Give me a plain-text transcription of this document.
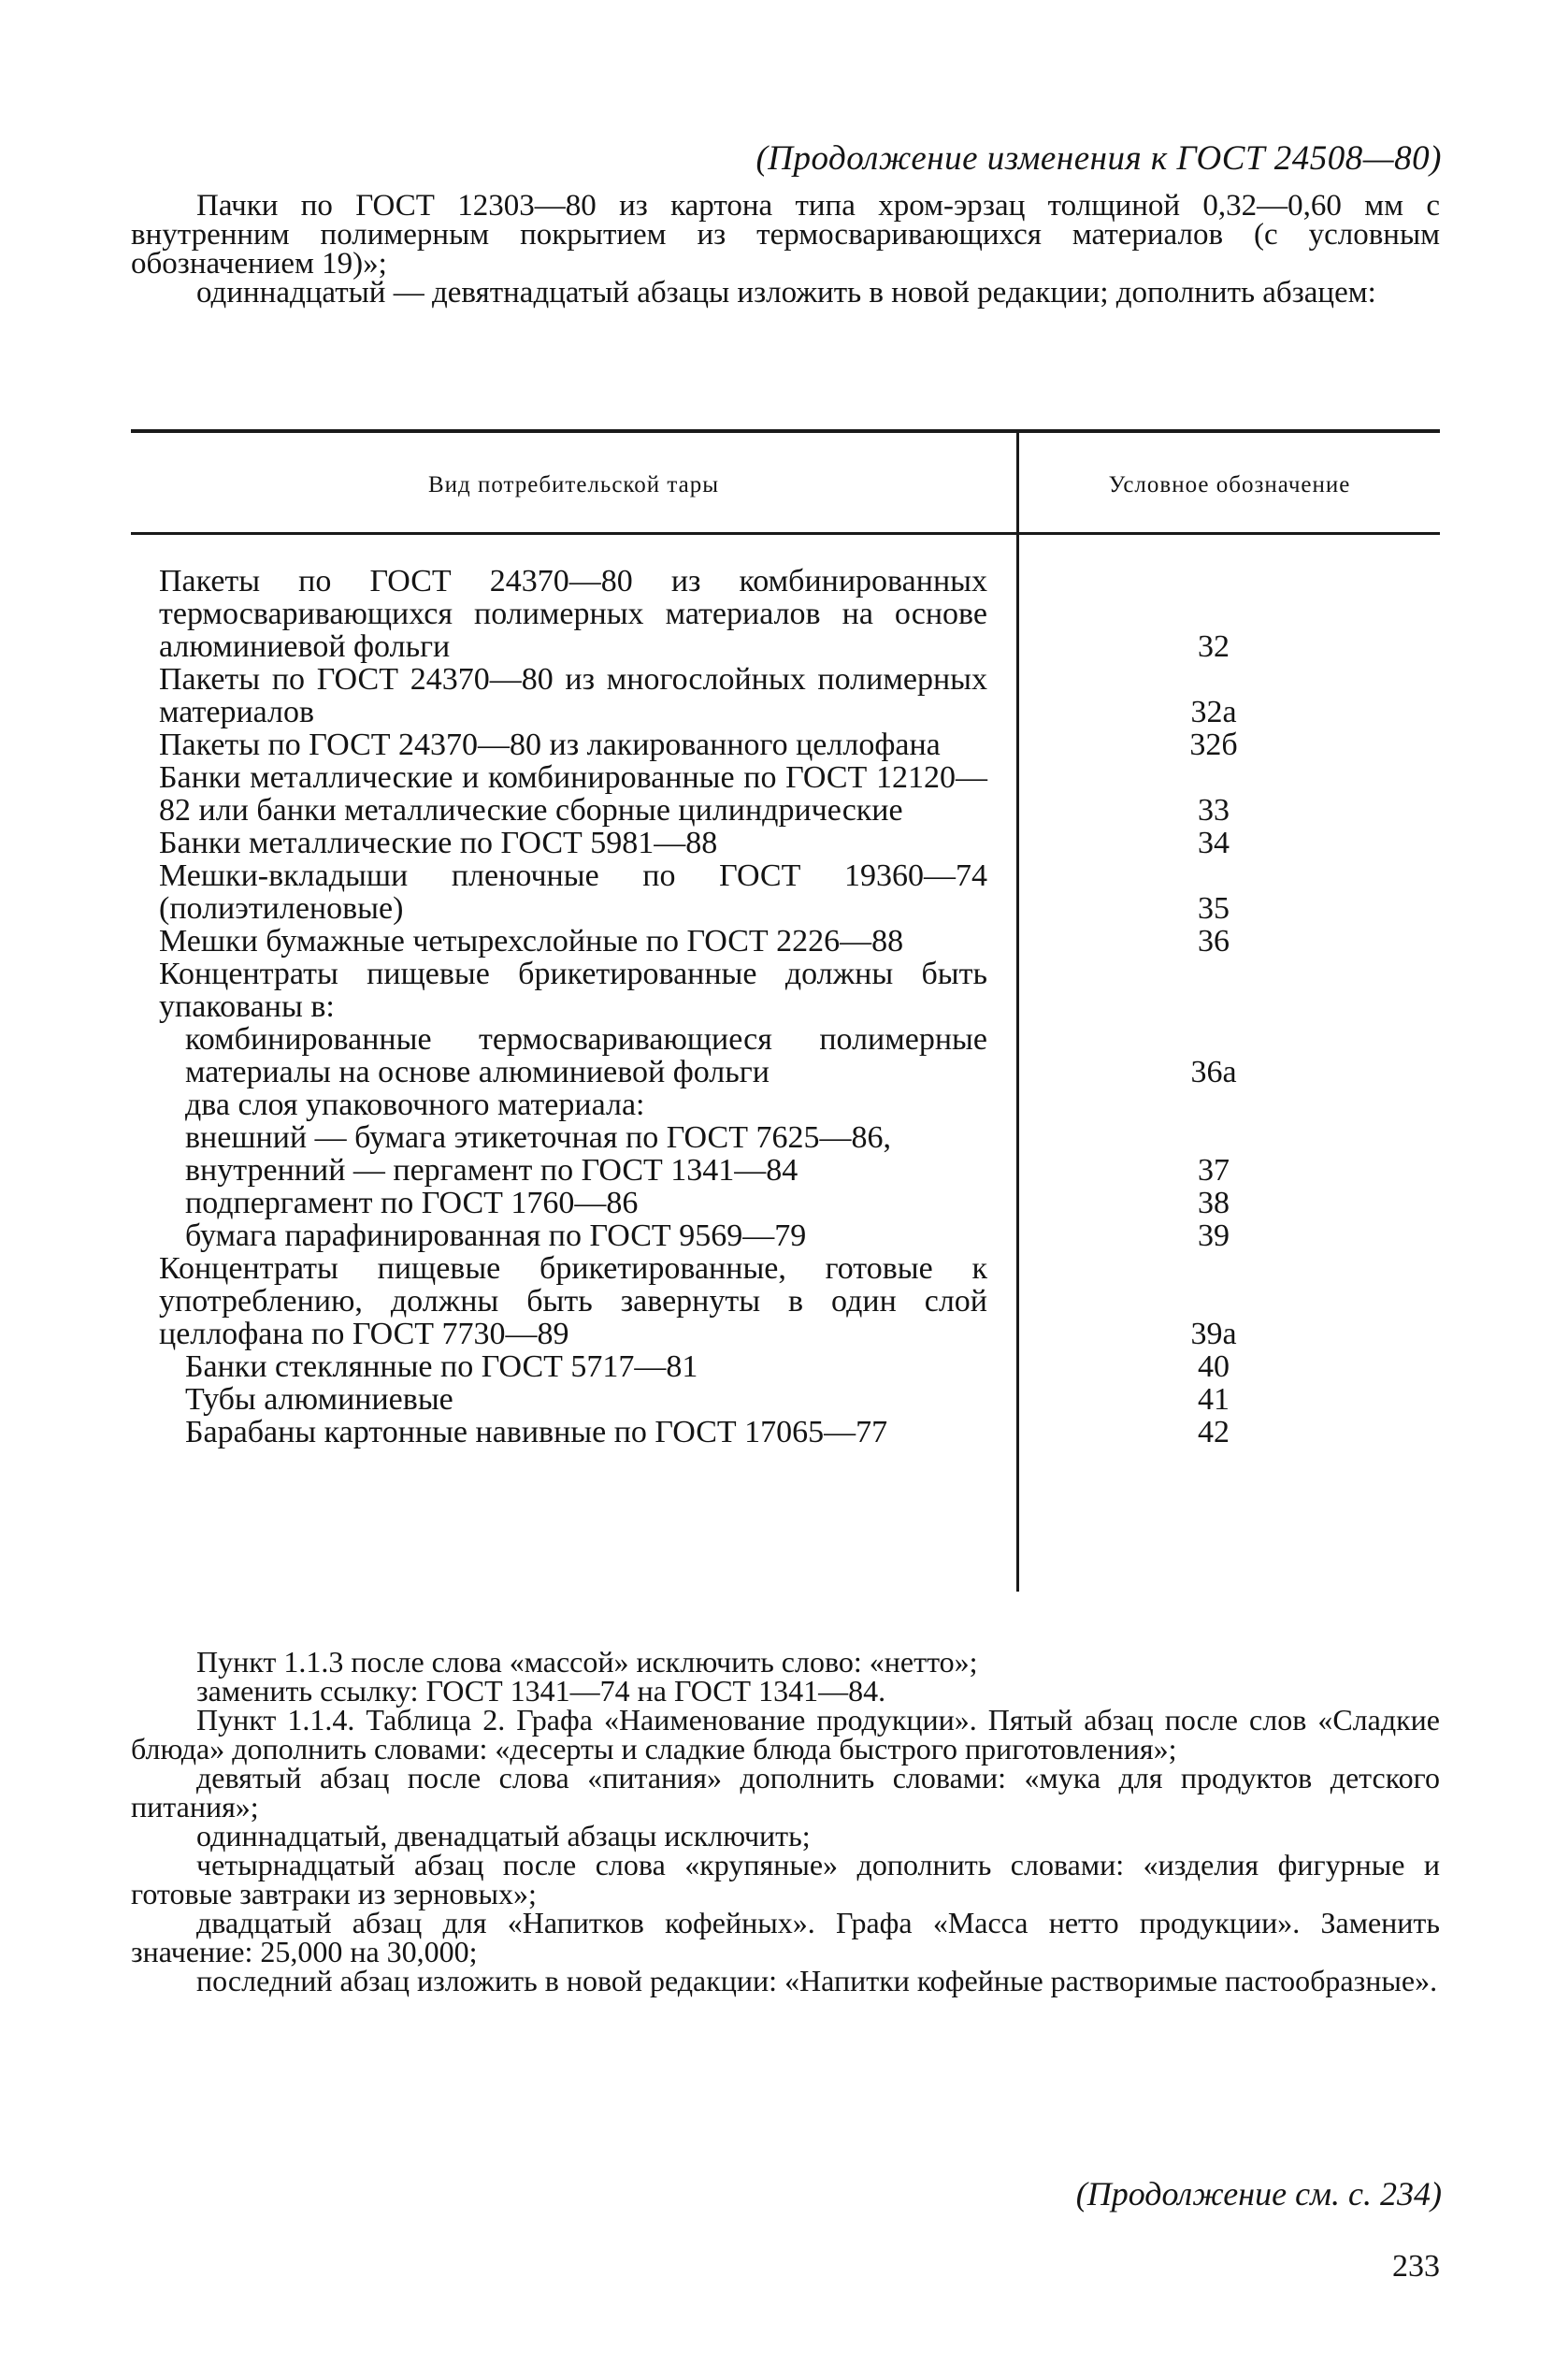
(Продолжение изменения к ГОСТ 24508—80)

Пачки по ГОСТ 12303—80 из картона типа хром-эрзац толщиной 0,32—0,60 мм с внутренним полимерным покрытием из термосваривающихся материалов (с условным обозначением 19)»;

одиннадцатый — девятнадцатый абзацы изложить в новой редакции; дополнить абзацем:

Вид потребительской тары	Условное обозначение
Пакеты по ГОСТ 24370—80 из комбинированных термосваривающихся полимерных материалов на основе алюминиевой фольги	32
Пакеты по ГОСТ 24370—80 из многослойных полимерных материалов	32а
Пакеты по ГОСТ 24370—80 из лакированного целлофана	32б
Банки металлические и комбинированные по ГОСТ 12120—82 или банки металлические сборные цилиндрические	33
Банки металлические по ГОСТ 5981—88	34
Мешки-вкладыши пленочные по ГОСТ 19360—74 (полиэтиленовые)	35
Мешки бумажные четырехслойные по ГОСТ 2226—88	36
Концентраты пищевые брикетированные должны быть упакованы в:
комбинированные термосваривающиеся полимерные материалы на основе алюминиевой фольги	36а
два слоя упаковочного материала:
внешний — бумага этикеточная по ГОСТ 7625—86,
внутренний — пергамент по ГОСТ 1341—84	37
подпергамент по ГОСТ 1760—86	38
бумага парафинированная по ГОСТ 9569—79	39
Концентраты пищевые брикетированные, готовые к употреблению, должны быть завернуты в один слой целлофана по ГОСТ 7730—89	39а
Банки стеклянные по ГОСТ 5717—81	40
Тубы алюминиевые	41
Барабаны картонные навивные по ГОСТ 17065—77	42

Пункт 1.1.3 после слова «массой» исключить слово: «нетто»;

заменить ссылку: ГОСТ 1341—74 на ГОСТ 1341—84.

Пункт 1.1.4. Таблица 2. Графа «Наименование продукции». Пятый абзац после слов «Сладкие блюда» дополнить словами: «десерты и сладкие блюда быстрого приготовления»;

девятый абзац после слова «питания» дополнить словами: «мука для продуктов детского питания»;

одиннадцатый, двенадцатый абзацы исключить;

четырнадцатый абзац после слова «крупяные» дополнить словами: «изделия фигурные и готовые завтраки из зерновых»;

двадцатый абзац для «Напитков кофейных». Графа «Масса нетто продукции». Заменить значение: 25,000 на 30,000;

последний абзац изложить в новой редакции: «Напитки кофейные растворимые пастообразные».

(Продолжение см. с. 234)
233
